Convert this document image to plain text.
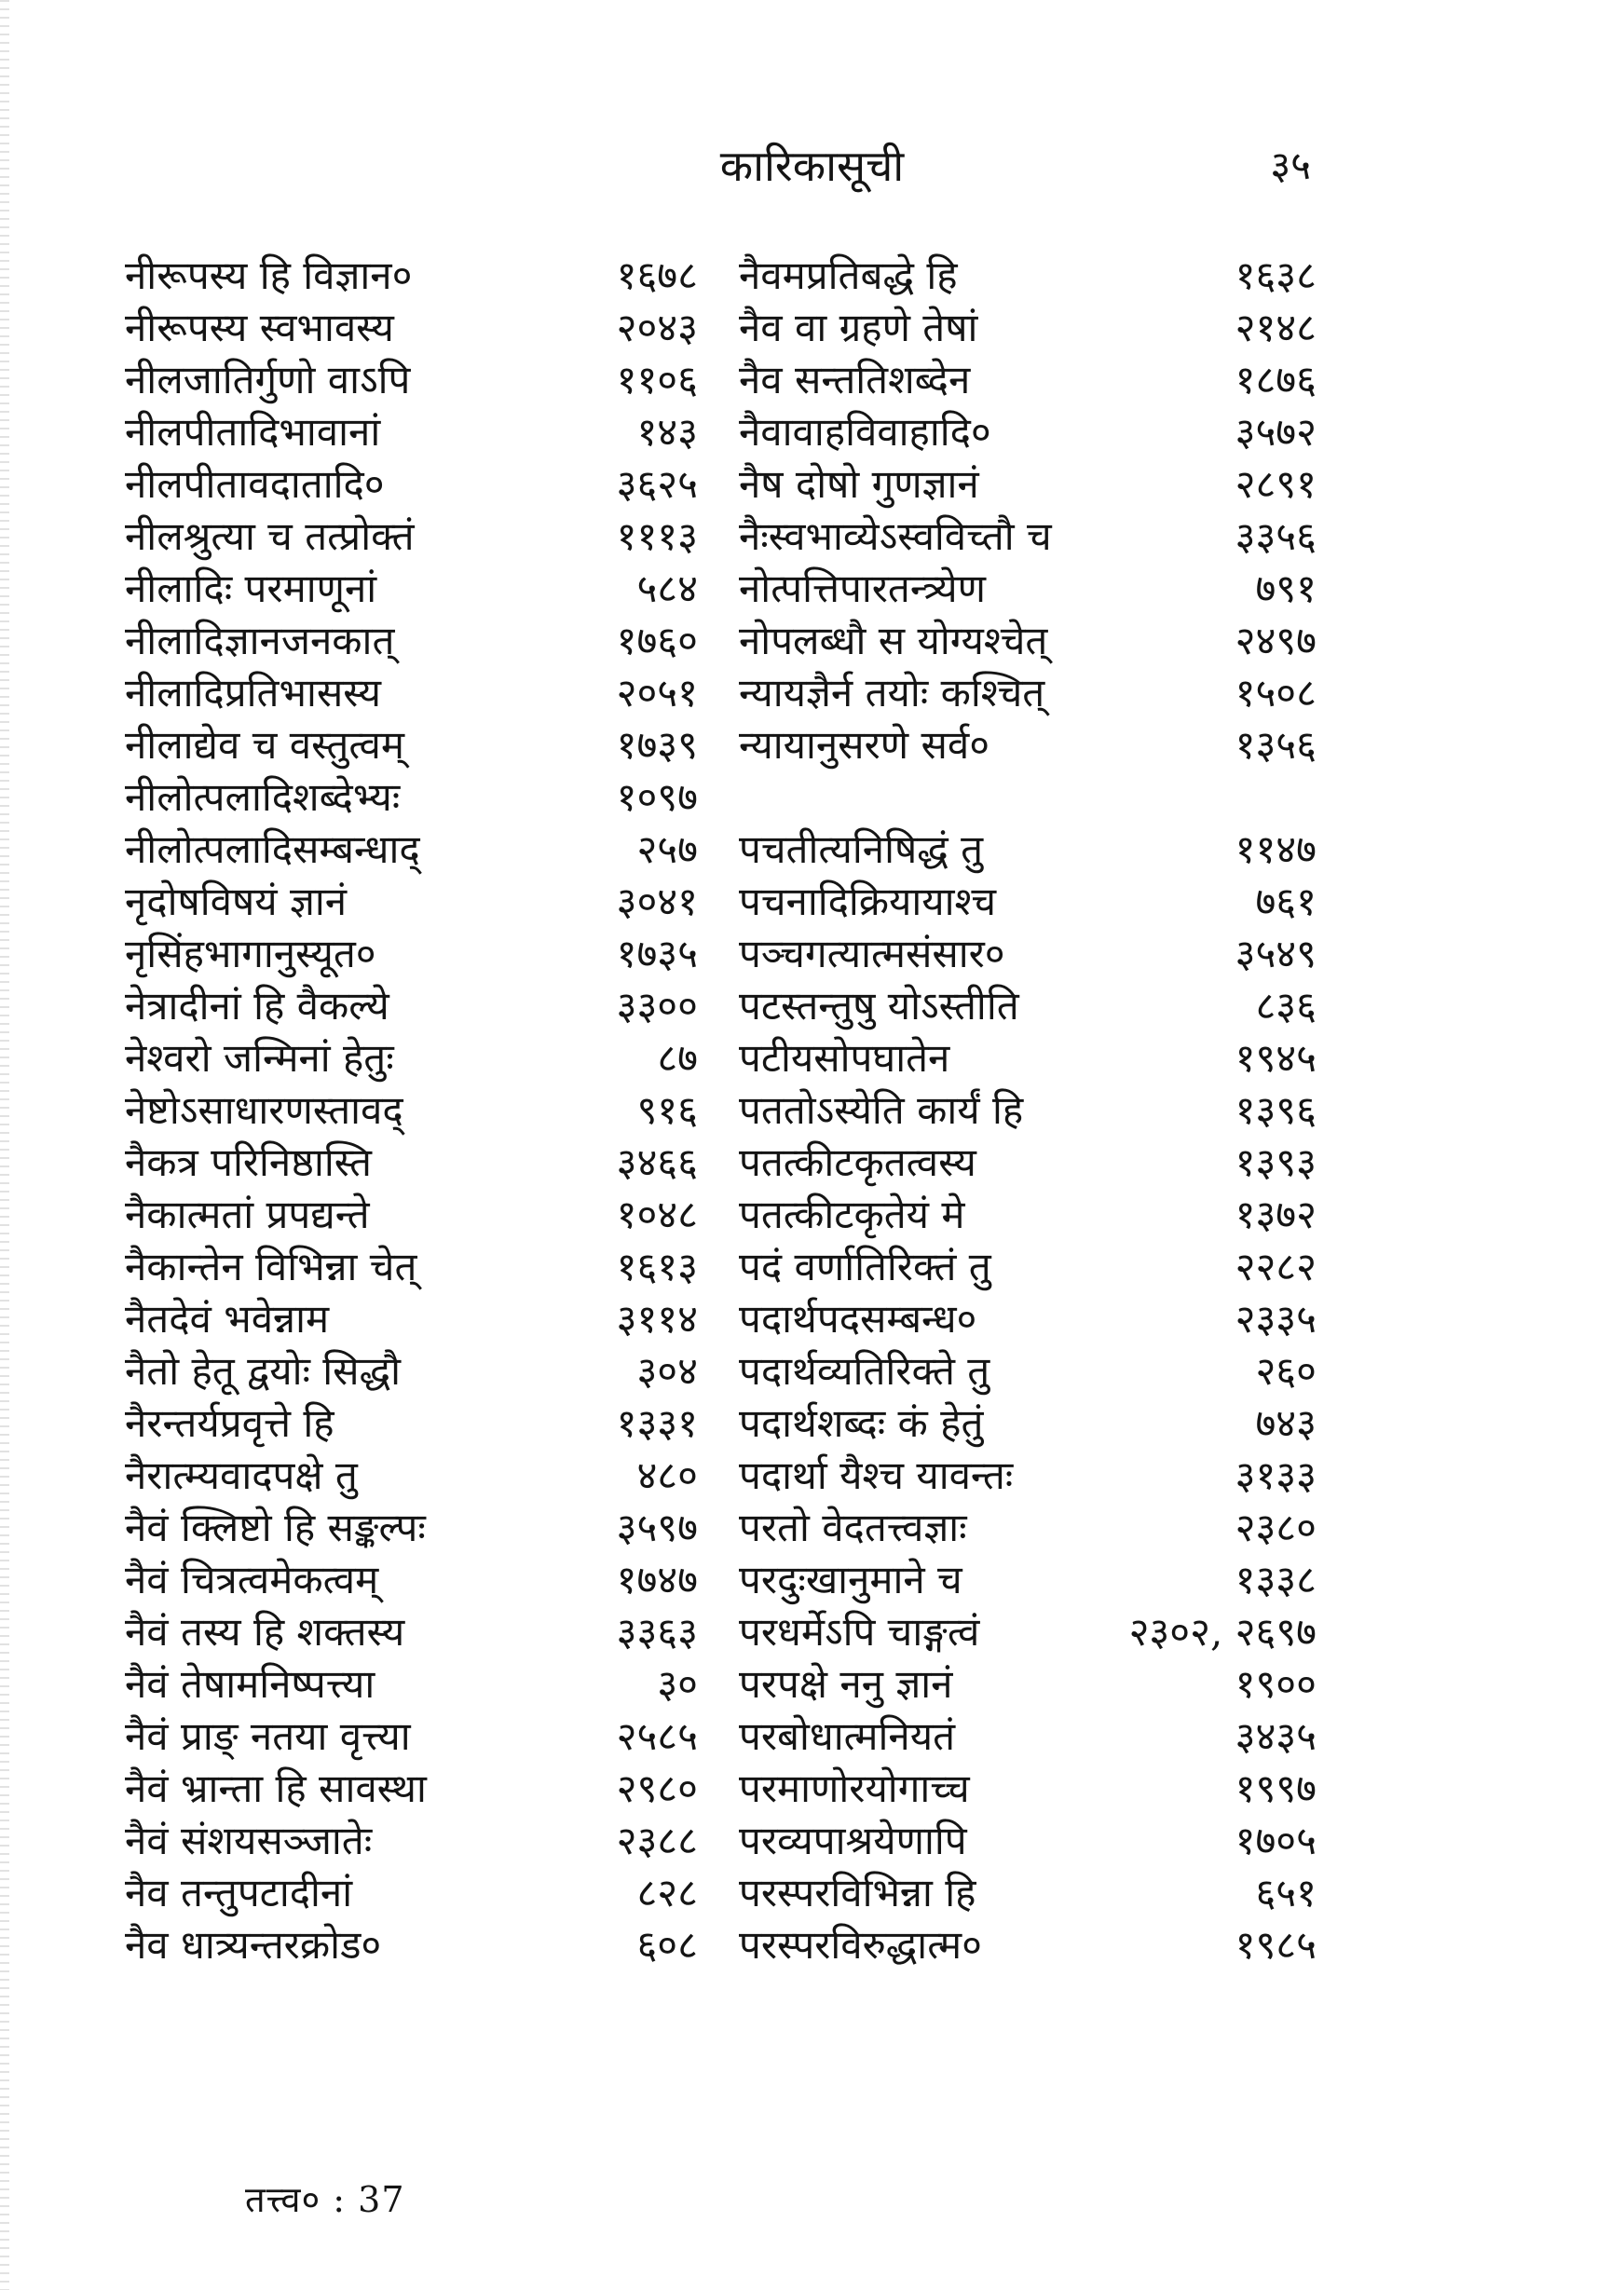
कारिकासूची	३५
नीरूपस्य हि विज्ञान०	१६७८
नीरूपस्य स्वभावस्य	२०४३
नीलजातिर्गुणो वाऽपि	११०६
नीलपीतादिभावानां	१४३
नीलपीतावदातादि०	३६२५
नीलश्रुत्या च तत्प्रोक्तं	१११३
नीलादिः परमाणूनां	५८४
नीलादिज्ञानजनकात्	१७६०
नीलादिप्रतिभासस्य	२०५१
नीलाद्येव च वस्तुत्वम्	१७३९
नीलोत्पलादिशब्देभ्यः	१०९७
नीलोत्पलादिसम्बन्धाद्	२५७
नृदोषविषयं ज्ञानं	३०४१
नृसिंहभागानुस्यूत०	१७३५
नेत्रादीनां हि वैकल्ये	३३००
नेश्वरो जन्मिनां हेतुः	८७
नेष्टोऽसाधारणस्तावद्	९१६
नैकत्र परिनिष्ठास्ति	३४६६
नैकात्मतां प्रपद्यन्ते	१०४८
नैकान्तेन विभिन्ना चेत्	१६१३
नैतदेवं भवेन्नाम	३११४
नैतो हेतू द्वयोः सिद्धौ	३०४
नैरन्तर्यप्रवृत्ते हि	१३३१
नैरात्म्यवादपक्षे तु	४८०
नैवं क्लिष्टो हि सङ्कल्पः	३५९७
नैवं चित्रत्वमेकत्वम्	१७४७
नैवं तस्य हि शक्तस्य	३३६३
नैवं तेषामनिष्पत्त्या	३०
नैवं प्राङ् नतया वृत्त्या	२५८५
नैवं भ्रान्ता हि सावस्था	२९८०
नैवं संशयसञ्जातेः	२३८८
नैव तन्तुपटादीनां	८२८
नैव धात्र्यन्तरक्रोड०	६०८
नैवमप्रतिबद्धे हि	१६३८
नैव वा ग्रहणे तेषां	२१४८
नैव सन्ततिशब्देन	१८७६
नैवावाहविवाहादि०	३५७२
नैष दोषो गुणज्ञानं	२८९१
नैःस्वभाव्येऽस्वविच्तौ च	३३५६
नोत्पत्तिपारतन्त्र्येण	७९१
नोपलब्धौ स योग्यश्चेत्	२४९७
न्यायज्ञैर्न तयोः कश्चित्	१५०८
न्यायानुसरणे सर्व०	१३५६
पचतीत्यनिषिद्धं तु	११४७
पचनादिक्रियायाश्च	७६१
पञ्चगत्यात्मसंसार०	३५४९
पटस्तन्तुषु योऽस्तीति	८३६
पटीयसोपघातेन	१९४५
पततोऽस्येति कार्यं हि	१३९६
पतत्कीटकृतत्वस्य	१३९३
पतत्कीटकृतेयं मे	१३७२
पदं वर्णातिरिक्तं तु	२२८२
पदार्थपदसम्बन्ध०	२३३५
पदार्थव्यतिरिक्ते तु	२६०
पदार्थशब्दः कं हेतुं	७४३
पदार्था यैश्च यावन्तः	३१३३
परतो वेदतत्त्वज्ञाः	२३८०
परदुःखानुमाने च	१३३८
परधर्मेऽपि चाङ्गत्वं	२३०२, २६९७
परपक्षे ननु ज्ञानं	१९००
परबोधात्मनियतं	३४३५
परमाणोरयोगाच्च	१९९७
परव्यपाश्रयेणापि	१७०५
परस्परविभिन्ना हि	६५१
परस्परविरुद्धात्म०	१९८५
तत्त्व० : 37
